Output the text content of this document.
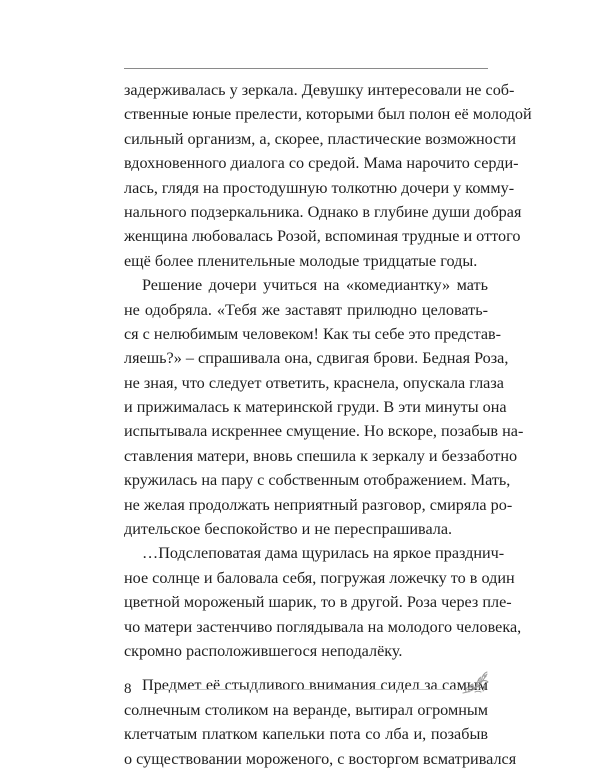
задерживалась у зеркала. Девушку интересовали не соб-
ственные юные прелести, которыми был полон её молодой
сильный организм, а, скорее, пластические возможности
вдохновенного диалога со средой. Мама нарочито серди-
лась, глядя на простодушную толкотню дочери у комму-
нального подзеркальника. Однако в глубине души добрая
женщина любовалась Розой, вспоминая трудные и оттого
ещё более пленительные молодые тридцатые годы.
Решение дочери учиться на «комедиантку» мать
не одобряла. «Тебя же заставят прилюдно целовать-
ся с нелюбимым человеком! Как ты себе это представ-
ляешь?» – спрашивала она, сдвигая брови. Бедная Роза,
не зная, что следует ответить, краснела, опускала глаза
и прижималась к материнской груди. В эти минуты она
испытывала искреннее смущение. Но вскоре, позабыв на-
ставления матери, вновь спешила к зеркалу и беззаботно
кружилась на пару с собственным отображением. Мать,
не желая продолжать неприятный разговор, смиряла ро-
дительское беспокойство и не переспрашивала.
…Подслеповатая дама щурилась на яркое празднич-
ное солнце и баловала себя, погружая ложечку то в один
цветной мороженый шарик, то в другой. Роза через пле-
чо матери застенчиво поглядывала на молодого человека,
скромно расположившегося неподалёку.
Предмет её стыдливого внимания сидел за самым
солнечным столиком на веранде, вытирал огромным
клетчатым платком капельки пота со лба и, позабыв
о существовании мороженого, с восторгом всматривался
8
